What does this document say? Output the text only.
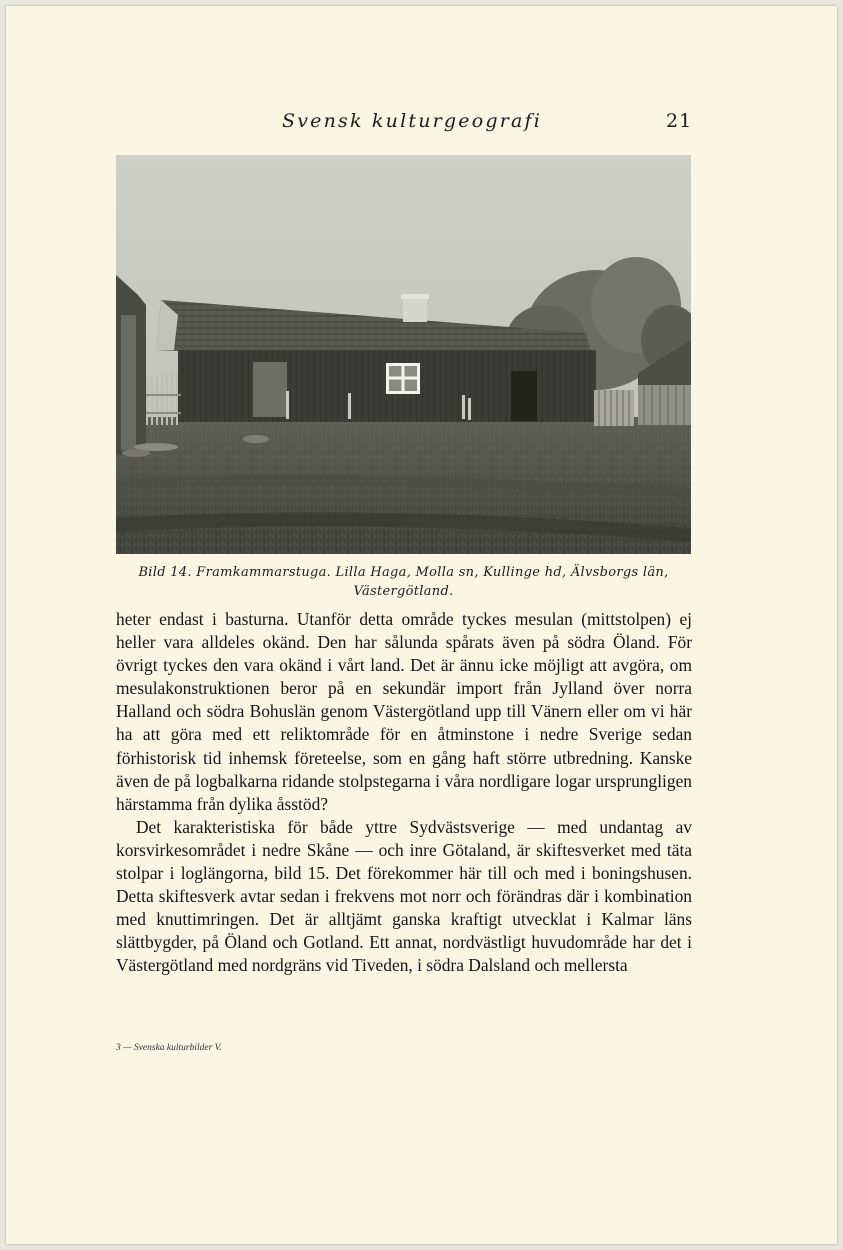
Svensk kulturgeografi	21
Bild 14. Framkammarstuga. Lilla Haga, Molla sn, Kullinge hd, Älvsborgs län,
Västergötland.

heter endast i basturna. Utanför detta område tyckes mesulan (mittstolpen) ej heller vara alldeles okänd. Den har sålunda spårats även på södra Öland. För övrigt tyckes den vara okänd i vårt land. Det är ännu icke möjligt att avgöra, om mesulakonstruktionen beror på en sekundär import från Jylland över norra Halland och södra Bohuslän genom Västergötland upp till Vänern eller om vi här ha att göra med ett reliktområde för en åtminstone i nedre Sverige sedan förhistorisk tid inhemsk företeelse, som en gång haft större utbredning. Kanske även de på logbalkarna ridande stolpstegarna i våra nordligare logar ursprungligen härstamma från dylika åsstöd?

Det karakteristiska för både yttre Sydvästsverige — med undantag av korsvirkesområdet i nedre Skåne — och inre Götaland, är skiftesverket med täta stolpar i loglängorna, bild 15. Det förekommer här till och med i boningshusen. Detta skiftesverk avtar sedan i frekvens mot norr och förändras där i kombination med knuttimringen. Det är alltjämt ganska kraftigt utvecklat i Kalmar läns slättbygder, på Öland och Gotland. Ett annat, nordvästligt huvudområde har det i Västergötland med nordgräns vid Tiveden, i södra Dalsland och mellersta

3 — Svenska kulturbilder V.
